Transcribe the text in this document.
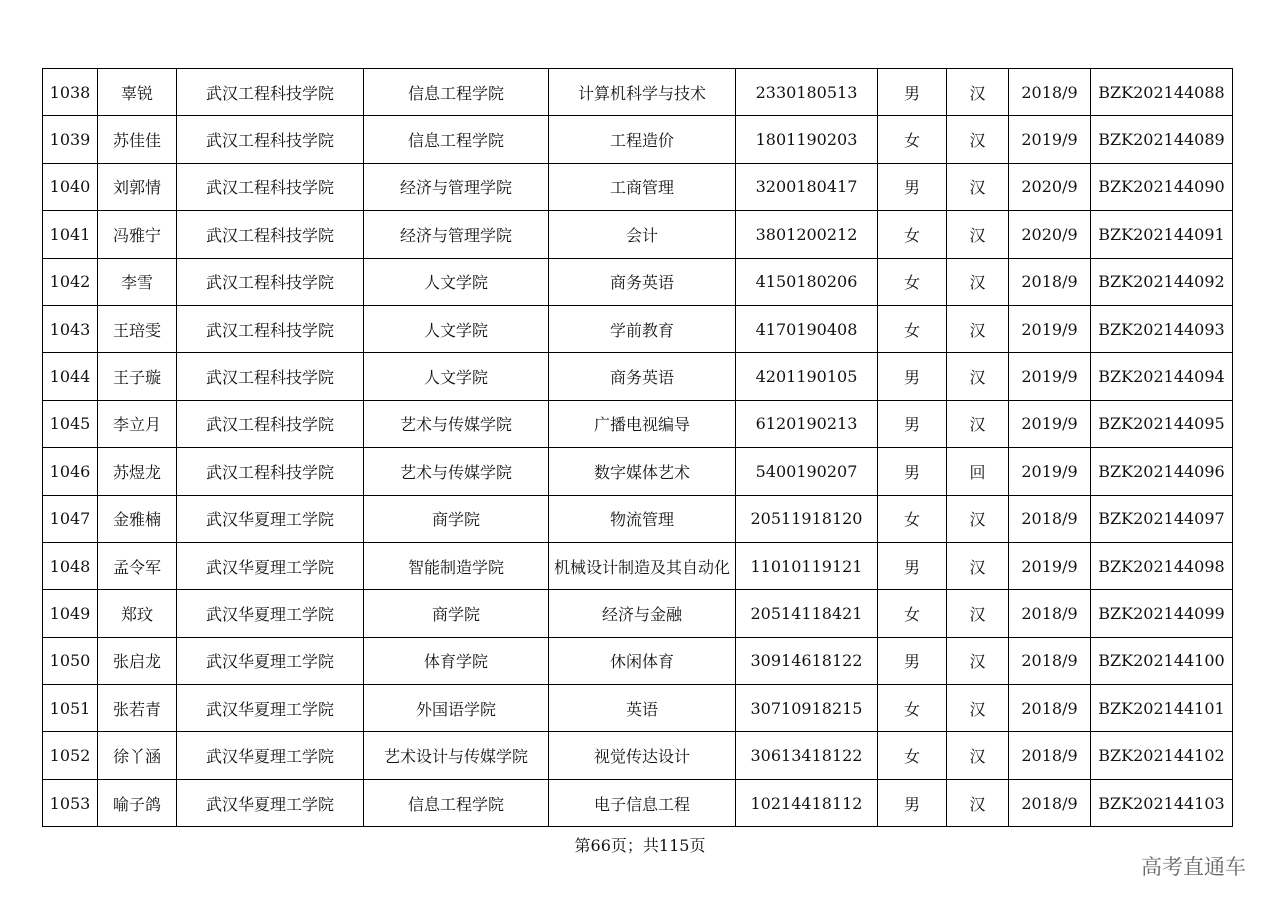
1038	辜锐	武汉工程科技学院	信息工程学院	计算机科学与技术	2330180513	男	汉	2018/9	BZK202144088
1039	苏佳佳	武汉工程科技学院	信息工程学院	工程造价	1801190203	女	汉	2019/9	BZK202144089
1040	刘郭情	武汉工程科技学院	经济与管理学院	工商管理	3200180417	男	汉	2020/9	BZK202144090
1041	冯雅宁	武汉工程科技学院	经济与管理学院	会计	3801200212	女	汉	2020/9	BZK202144091
1042	李雪	武汉工程科技学院	人文学院	商务英语	4150180206	女	汉	2018/9	BZK202144092
1043	王琣雯	武汉工程科技学院	人文学院	学前教育	4170190408	女	汉	2019/9	BZK202144093
1044	王子璇	武汉工程科技学院	人文学院	商务英语	4201190105	男	汉	2019/9	BZK202144094
1045	李立月	武汉工程科技学院	艺术与传媒学院	广播电视编导	6120190213	男	汉	2019/9	BZK202144095
1046	苏煜龙	武汉工程科技学院	艺术与传媒学院	数字媒体艺术	5400190207	男	回	2019/9	BZK202144096
1047	金雅楠	武汉华夏理工学院	商学院	物流管理	20511918120	女	汉	2018/9	BZK202144097
1048	孟令军	武汉华夏理工学院	智能制造学院	机械设计制造及其自动化	11010119121	男	汉	2019/9	BZK202144098
1049	郑玟	武汉华夏理工学院	商学院	经济与金融	20514118421	女	汉	2018/9	BZK202144099
1050	张启龙	武汉华夏理工学院	体育学院	休闲体育	30914618122	男	汉	2018/9	BZK202144100
1051	张若青	武汉华夏理工学院	外国语学院	英语	30710918215	女	汉	2018/9	BZK202144101
1052	徐丫涵	武汉华夏理工学院	艺术设计与传媒学院	视觉传达设计	30613418122	女	汉	2018/9	BZK202144102
1053	喻子鸽	武汉华夏理工学院	信息工程学院	电子信息工程	10214418112	男	汉	2018/9	BZK202144103
第66页；共115页
高考直通车
